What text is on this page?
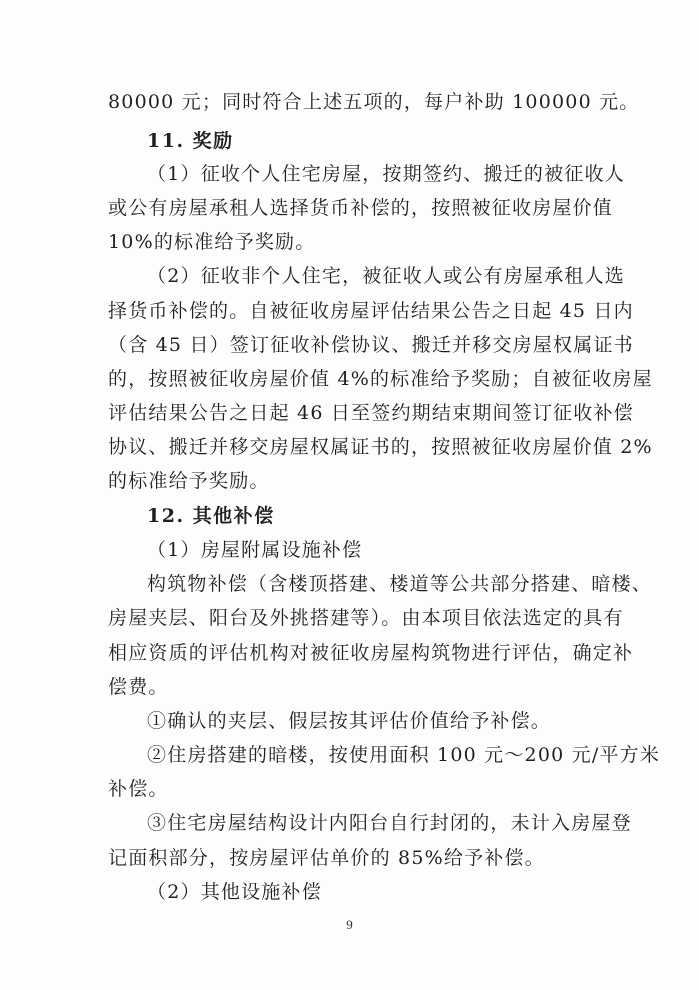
80000 元；同时符合上述五项的，每户补助 100000 元。
11. 奖励
（1）征收个人住宅房屋，按期签约、搬迁的被征收人
或公有房屋承租人选择货币补偿的，按照被征收房屋价值
10%的标准给予奖励。
（2）征收非个人住宅，被征收人或公有房屋承租人选
择货币补偿的。自被征收房屋评估结果公告之日起 45 日内
（含 45 日）签订征收补偿协议、搬迁并移交房屋权属证书
的，按照被征收房屋价值 4%的标准给予奖励；自被征收房屋
评估结果公告之日起 46 日至签约期结束期间签订征收补偿
协议、搬迁并移交房屋权属证书的，按照被征收房屋价值 2%
的标准给予奖励。
12. 其他补偿
（1）房屋附属设施补偿
构筑物补偿（含楼顶搭建、楼道等公共部分搭建、暗楼、
房屋夹层、阳台及外挑搭建等）。由本项目依法选定的具有
相应资质的评估机构对被征收房屋构筑物进行评估，确定补
偿费。
①确认的夹层、假层按其评估价值给予补偿。
②住房搭建的暗楼，按使用面积 100 元～200 元/平方米
补偿。
③住宅房屋结构设计内阳台自行封闭的，未计入房屋登
记面积部分，按房屋评估单价的 85%给予补偿。
（2）其他设施补偿
9
